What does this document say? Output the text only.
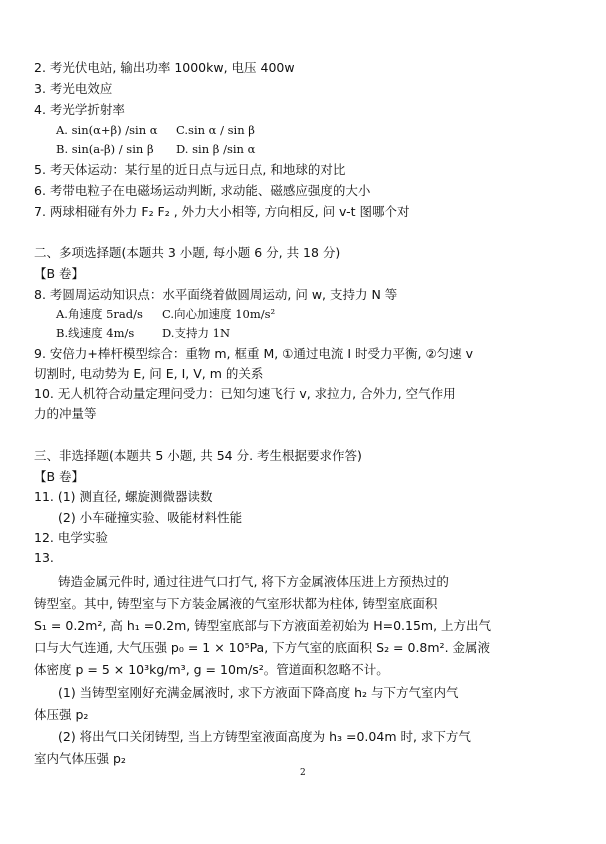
2. 考光伏电站, 输出功率 1000kw, 电压 400w
3. 考光电效应
4. 考光学折射率
A. sin(α+β) /sin α C.sin α / sin β
B. sin(a-β) / sin β D. sin β /sin α
5. 考天体运动：某行星的近日点与远日点, 和地球的对比
6. 考带电粒子在电磁场运动判断, 求动能、磁感应强度的大小
7. 两球相碰有外力 F₂ F₂ , 外力大小相等, 方向相反, 问 v-t 图哪个对
二、多项选择题(本题共 3 小题, 每小题 6 分, 共 18 分)
【B 卷】
8. 考圆周运动知识点：水平面绕着做圆周运动, 问 w, 支持力 N 等
A.角速度 5rad/s C.向心加速度 10m/s²
B.线速度 4m/s D.支持力 1N
9. 安倍力+棒杆模型综合：重物 m, 框重 M, ①通过电流 I 时受力平衡, ②匀速 v
切割时, 电动势为 E, 问 E, I, V, m 的关系
10. 无人机符合动量定理问受力：已知匀速飞行 v, 求拉力, 合外力, 空气作用
力的冲量等
三、非选择题(本题共 5 小题, 共 54 分. 考生根据要求作答)
【B 卷】
11. (1) 测直径, 螺旋测微器读数
(2) 小车碰撞实验、吸能材料性能
12. 电学实验
13.
铸造金属元件时, 通过往进气口打气, 将下方金属液体压进上方预热过的
铸型室。其中, 铸型室与下方装金属液的气室形状都为柱体, 铸型室底面积
S₁ = 0.2m², 高 h₁ =0.2m, 铸型室底部与下方液面差初始为 H=0.15m, 上方出气
口与大气连通, 大气压强 p₀ = 1 × 10⁵Pa, 下方气室的底面积 S₂ = 0.8m². 金属液
体密度 p = 5 × 10³kg/m³, g = 10m/s²。管道面积忽略不计。
(1) 当铸型室刚好充满金属液时, 求下方液面下降高度 h₂ 与下方气室内气
体压强 p₂
(2) 将出气口关闭铸型, 当上方铸型室液面高度为 h₃ =0.04m 时, 求下方气
室内气体压强 p₂
2
